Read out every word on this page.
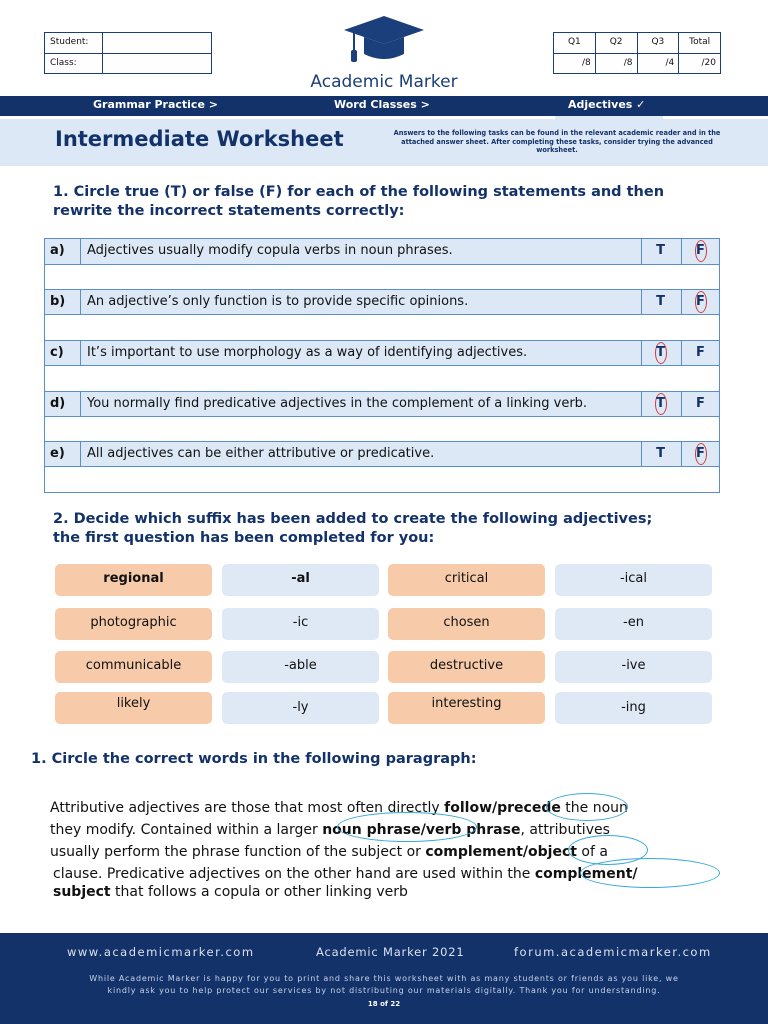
Student:
Class:
Academic Marker
Q1	Q2	Q3	Total
/8	/8	/4	/20
Grammar Practice >	Word Classes >	Adjectives ✓
Intermediate Worksheet	Answers to the following tasks can be found in the relevant academic reader and in the attached answer sheet. After completing these tasks, consider trying the advanced worksheet.
1. Circle true (T) or false (F) for each of the following statements and then
rewrite the incorrect statements correctly:
a)	Adjectives usually modify copula verbs in noun phrases.	T	F
b)	An adjective’s only function is to provide specific opinions.	T	F
c)	It’s important to use morphology as a way of identifying adjectives.	T	F
d)	You normally find predicative adjectives in the complement of a linking verb.	T	F
e)	All adjectives can be either attributive or predicative.	T	F
2. Decide which suffix has been added to create the following adjectives;
the first question has been completed for you:
regional	-al	critical	-ical
photographic	-ic	chosen	-en
communicable	-able	destructive	-ive
likely	-ly	interesting	-ing
1. Circle the correct words in the following paragraph:
Attributive adjectives are those that most often directly follow/precede the noun
they modify. Contained within a larger noun phrase/verb phrase, attributives
usually perform the phrase function of the subject or complement/object of a
clause. Predicative adjectives on the other hand are used within the complement/
subject that follows a copula or other linking verb
www.academicmarker.com	Academic Marker 2021	forum.academicmarker.com
While Academic Marker is happy for you to print and share this worksheet with as many students or friends as you like, we kindly ask you to help protect our services by not distributing our materials digitally. Thank you for understanding.
18 of 22
